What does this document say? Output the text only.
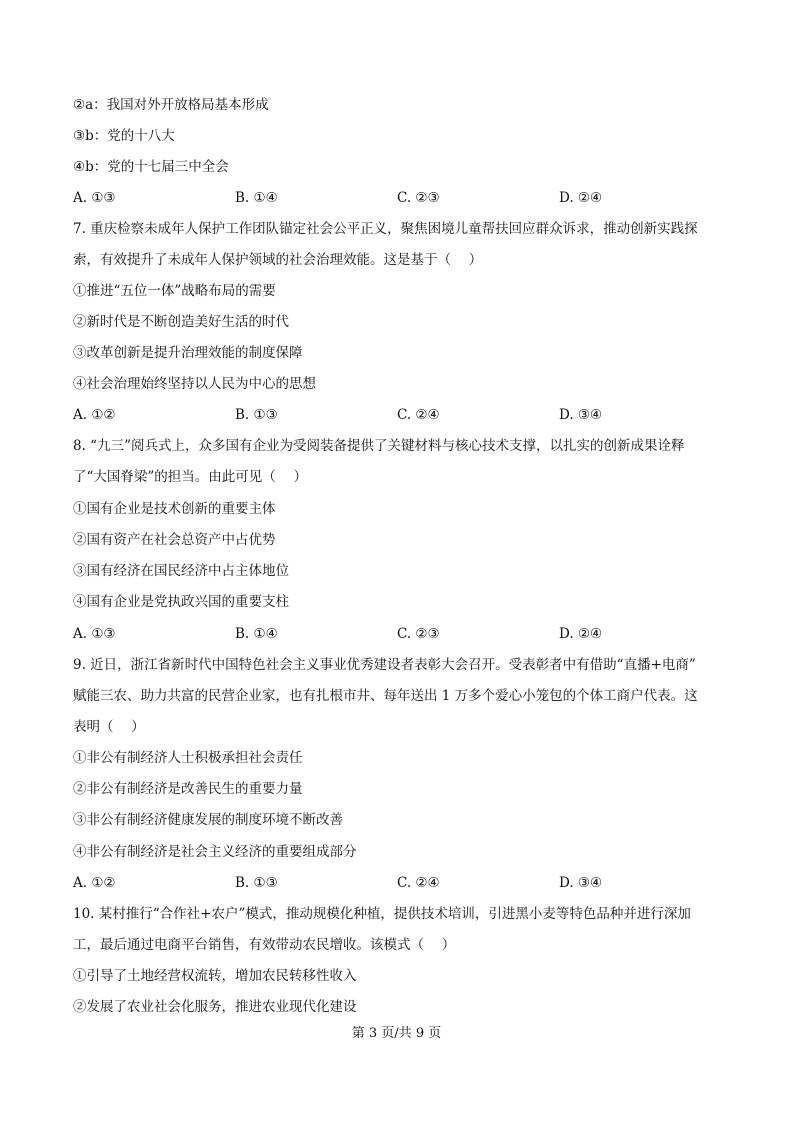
②a：我国对外开放格局基本形成
③b：党的十八大
④b：党的十七届三中全会
A. ①③	B. ①④	C. ②③	D. ②④
7. 重庆检察未成年人保护工作团队锚定社会公平正义，聚焦困境儿童帮扶回应群众诉求，推动创新实践探
索，有效提升了未成年人保护领域的社会治理效能。这是基于（　 ）
①推进“五位一体”战略布局的需要
②新时代是不断创造美好生活的时代
③改革创新是提升治理效能的制度保障
④社会治理始终坚持以人民为中心的思想
A. ①②	B. ①③	C. ②④	D. ③④
8. “九三”阅兵式上，众多国有企业为受阅装备提供了关键材料与核心技术支撑，以扎实的创新成果诠释
了“大国脊梁”的担当。由此可见（　 ）
①国有企业是技术创新的重要主体
②国有资产在社会总资产中占优势
③国有经济在国民经济中占主体地位
④国有企业是党执政兴国的重要支柱
A. ①③	B. ①④	C. ②③	D. ②④
9. 近日，浙江省新时代中国特色社会主义事业优秀建设者表彰大会召开。受表彰者中有借助“直播+电商”
赋能三农、助力共富的民营企业家，也有扎根市井、每年送出 1 万多个爱心小笼包的个体工商户代表。这
表明（　 ）
①非公有制经济人士积极承担社会责任
②非公有制经济是改善民生的重要力量
③非公有制经济健康发展的制度环境不断改善
④非公有制经济是社会主义经济的重要组成部分
A. ①②	B. ①③	C. ②④	D. ③④
10. 某村推行“合作社+农户”模式，推动规模化种植，提供技术培训，引进黑小麦等特色品种并进行深加
工，最后通过电商平台销售，有效带动农民增收。该模式（　 ）
①引导了土地经营权流转，增加农民转移性收入
②发展了农业社会化服务，推进农业现代化建设
第 3 页/共 9 页
